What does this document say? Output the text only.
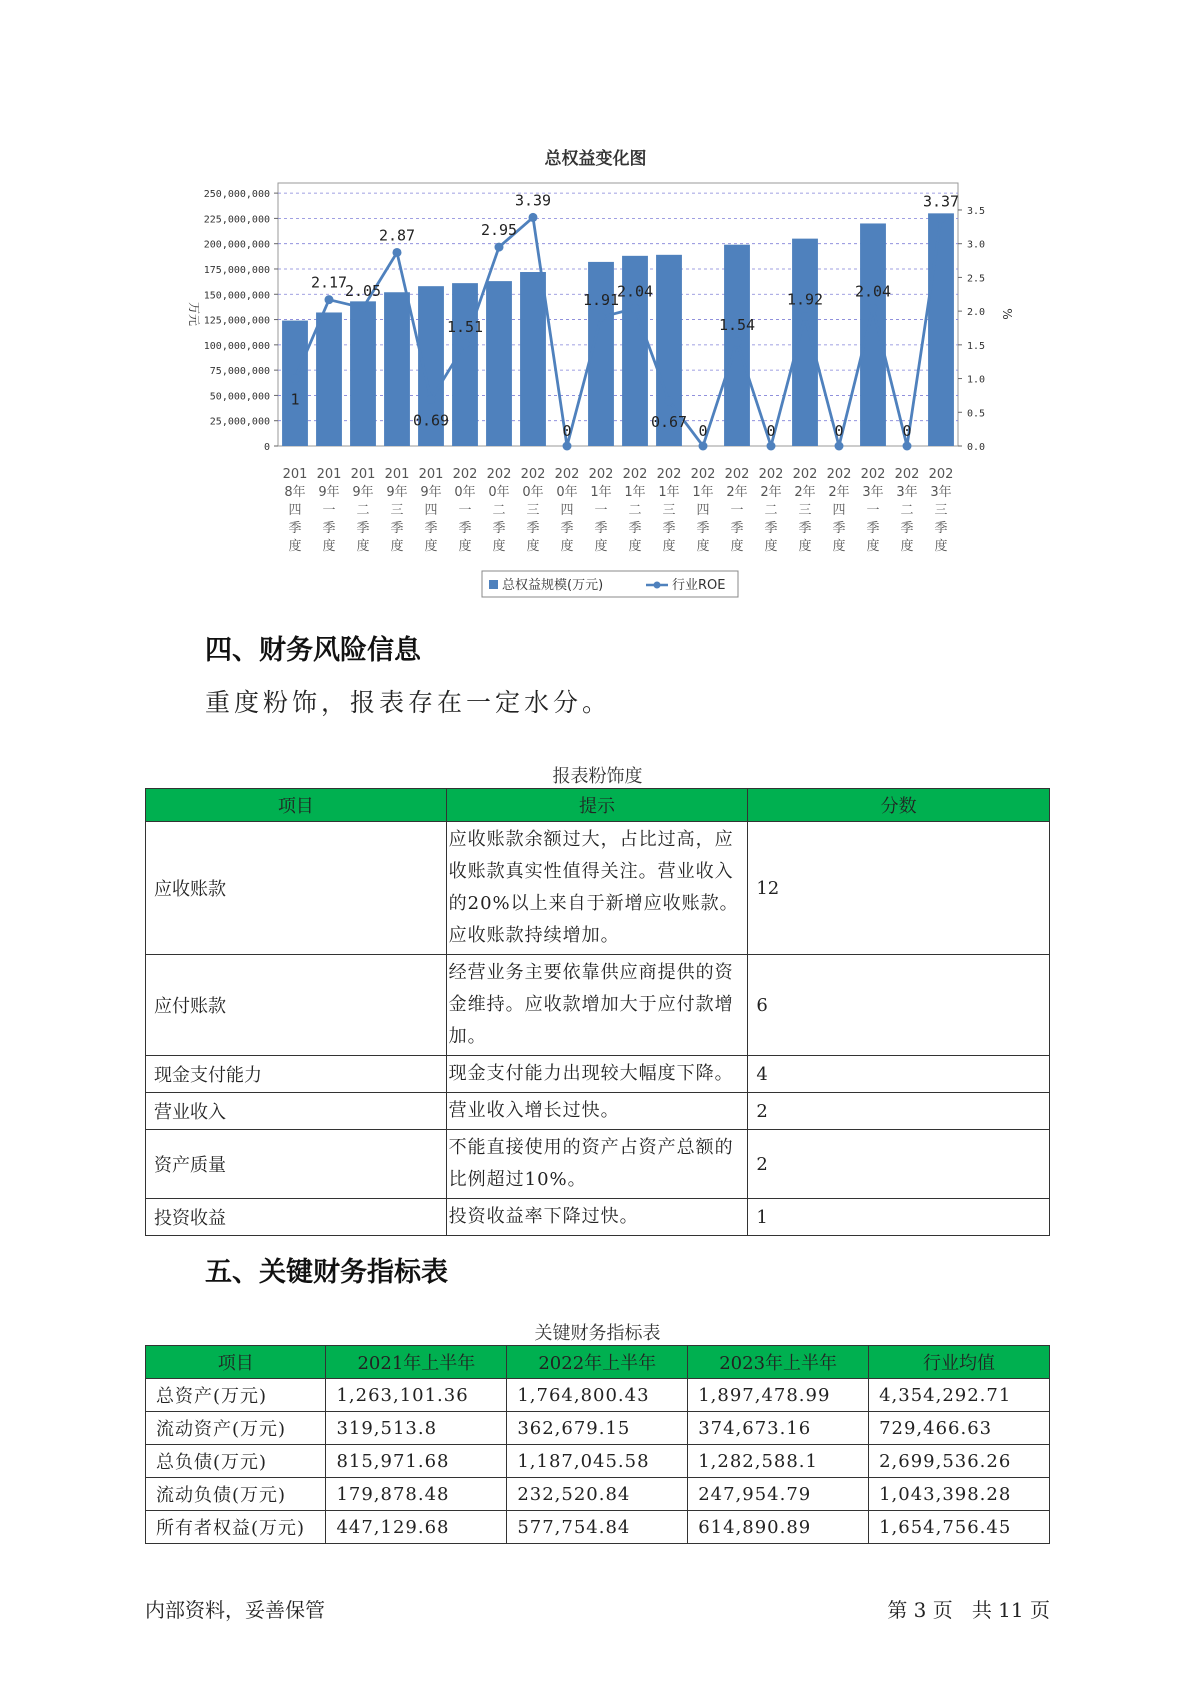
总权益变化图
0
25,000,000
50,000,000
75,000,000
100,000,000
125,000,000
150,000,000
175,000,000
200,000,000
225,000,000
250,000,000
0.0
0.5
1.0
1.5
2.0
2.5
3.0
3.5
万元	%
1
2.17
2.05
2.87
0.69
1.51
2.95
3.39
0
1.91
2.04
0.67
0
1.54
0
1.92
0
2.04
0
3.37
201
8年
四
季
度
201
9年
一
季
度
201
9年
二
季
度
201
9年
三
季
度
201
9年
四
季
度
202
0年
一
季
度
202
0年
二
季
度
202
0年
三
季
度
202
0年
四
季
度
202
1年
一
季
度
202
1年
二
季
度
202
1年
三
季
度
202
1年
四
季
度
202
2年
一
季
度
202
2年
二
季
度
202
2年
三
季
度
202
2年
四
季
度
202
3年
一
季
度
202
3年
二
季
度
202
3年
三
季
度
总权益规模(万元)	行业ROE
四、财务风险信息
重度粉饰，报表存在一定水分。
报表粉饰度
项目	提示	分数
应收账款	应收账款余额过大，占比过高，应收账款真实性值得关注。营业收入的20%以上来自于新增应收账款。应收账款持续增加。	12
应付账款	经营业务主要依靠供应商提供的资金维持。应收款增加大于应付款增加。	6
现金支付能力	现金支付能力出现较大幅度下降。	4
营业收入	营业收入增长过快。	2
资产质量	不能直接使用的资产占资产总额的比例超过10%。	2
投资收益	投资收益率下降过快。	1
五、关键财务指标表
关键财务指标表
项目	2021年上半年	2022年上半年	2023年上半年	行业均值
总资产(万元)	1,263,101.36	1,764,800.43	1,897,478.99	4,354,292.71
流动资产(万元)	319,513.8	362,679.15	374,673.16	729,466.63
总负债(万元)	815,971.68	1,187,045.58	1,282,588.1	2,699,536.26
流动负债(万元)	179,878.48	232,520.84	247,954.79	1,043,398.28
所有者权益(万元)	447,129.68	577,754.84	614,890.89	1,654,756.45
内部资料，妥善保管	第 3 页   共 11 页
